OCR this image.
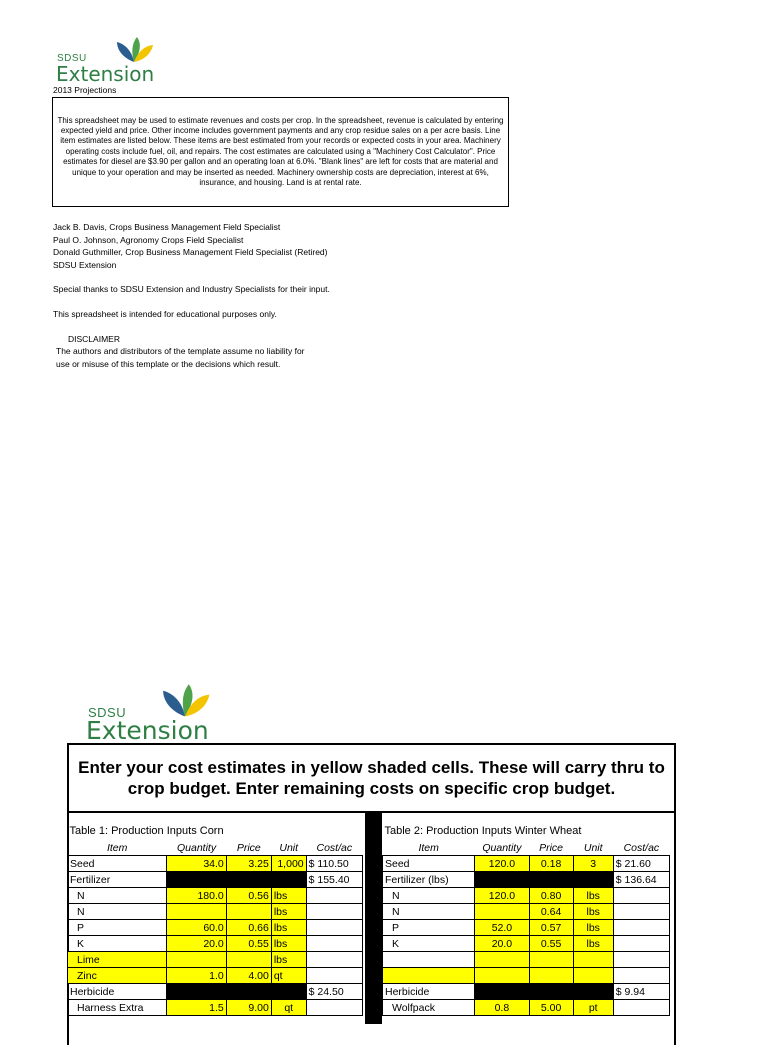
SDSU
Extension
2013 Projections
This spreadsheet may be used to estimate revenues and costs per crop. In the spreadsheet, revenue is calculated by entering expected yield and price. Other income includes government payments and any crop residue sales on a per acre basis. Line item estimates are listed below. These items are best estimated from your records or expected costs in your area. Machinery operating costs include fuel, oil, and repairs. The cost estimates are calculated using a "Machinery Cost Calculator". Price estimates for diesel are $3.90 per gallon and an operating loan at 6.0%. "Blank lines" are left for costs that are material and unique to your operation and may be inserted as needed. Machinery ownership costs are depreciation, interest at 6%, insurance, and housing. Land is at rental rate.
Jack B. Davis, Crops Business Management Field Specialist
Paul O. Johnson, Agronomy Crops Field Specialist
Donald Guthmiller, Crop Business Management Field Specialist (Retired)
SDSU Extension
Special thanks to SDSU Extension and Industry Specialists for their input.
This spreadsheet is intended for educational purposes only.
DISCLAIMER
The authors and distributors of the template assume no liability for
use or misuse of this template or the decisions which result.
SDSU
Extension
Enter your cost estimates in yellow shaded cells. These will carry thru to crop budget. Enter remaining costs on specific crop budget.
Table 1: Production Inputs Corn				
Item	Quantity	Price	Unit	Cost/ac
Seed	34.0	3.25	1,000	$ 110.50
Fertilizer				$ 155.40
N	180.0	0.56	lbs	
N			lbs	
P	60.0	0.66	lbs	
K	20.0	0.55	lbs	
Lime			lbs	
Zinc	1.0	4.00	qt	
Herbicide				$ 24.50
Harness Extra	1.5	9.00	qt	
Table 2: Production Inputs Winter Wheat				
Item	Quantity	Price	Unit	Cost/ac
Seed	120.0	0.18	3	$ 21.60
Fertilizer (lbs)				$ 136.64
N	120.0	0.80	lbs	
N		0.64	lbs	
P	52.0	0.57	lbs	
K	20.0	0.55	lbs	

Herbicide				$ 9.94
Wolfpack	0.8	5.00	pt	
